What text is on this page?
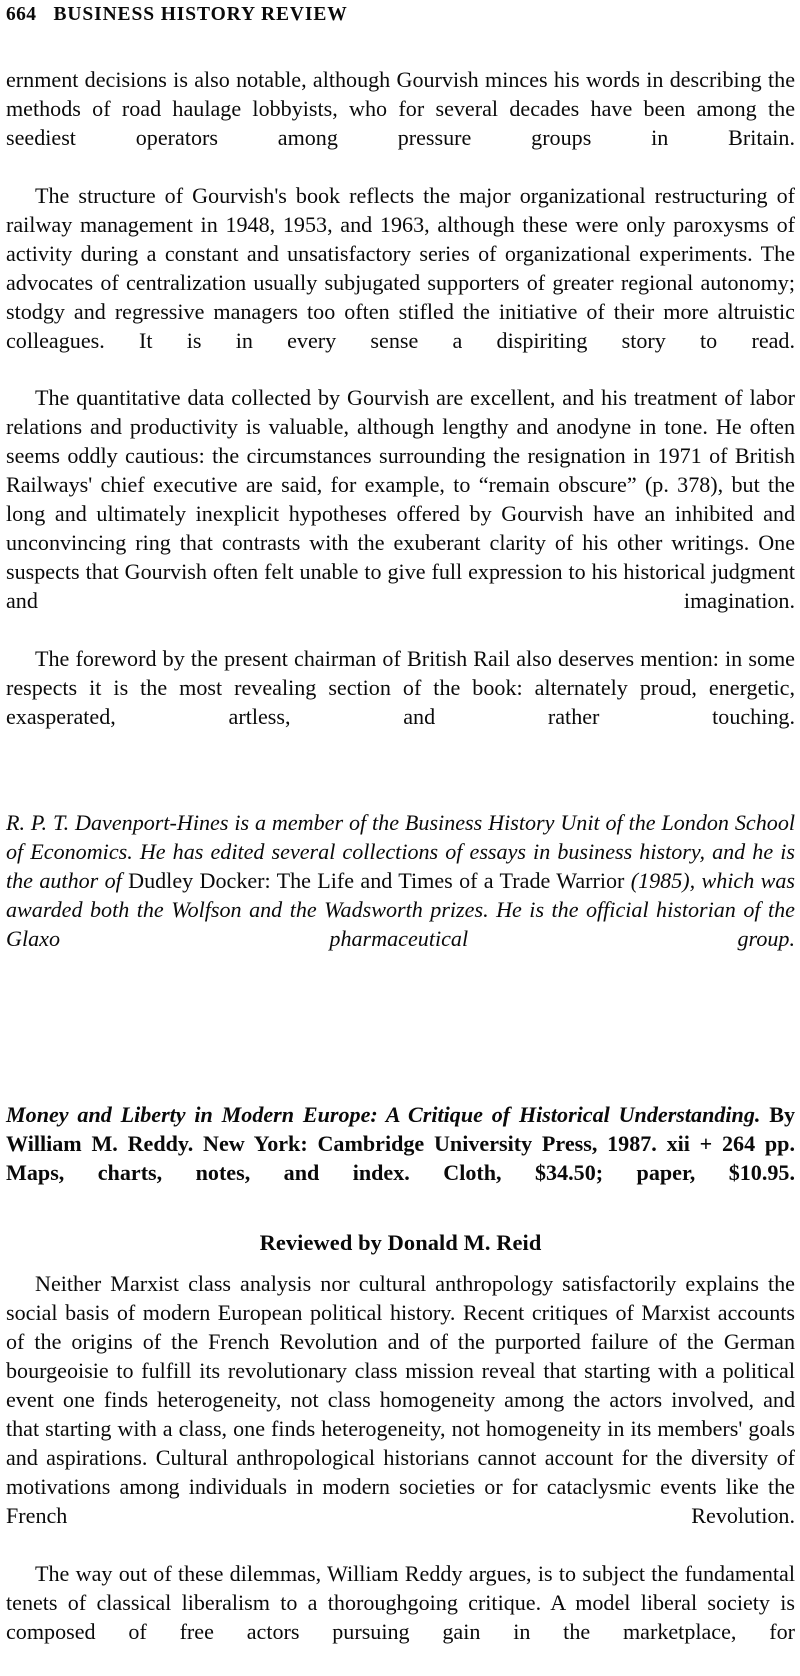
664 BUSINESS HISTORY REVIEW

ernment decisions is also notable, although Gourvish minces his words in describing the methods of road haulage lobbyists, who for several decades have been among the seediest operators among pressure groups in Britain.

The structure of Gourvish's book reflects the major organizational restructuring of railway management in 1948, 1953, and 1963, although these were only paroxysms of activity during a constant and unsatisfactory series of organizational experiments. The advocates of centralization usually subjugated supporters of greater regional autonomy; stodgy and regressive managers too often stifled the initiative of their more altruistic colleagues. It is in every sense a dispiriting story to read.

The quantitative data collected by Gourvish are excellent, and his treatment of labor relations and productivity is valuable, although lengthy and anodyne in tone. He often seems oddly cautious: the circumstances surrounding the resignation in 1971 of British Railways' chief executive are said, for example, to “remain obscure” (p. 378), but the long and ultimately inexplicit hypotheses offered by Gourvish have an inhibited and unconvincing ring that contrasts with the exuberant clarity of his other writings. One suspects that Gourvish often felt unable to give full expression to his historical judgment and imagination.

The foreword by the present chairman of British Rail also deserves mention: in some respects it is the most revealing section of the book: alternately proud, energetic, exasperated, artless, and rather touching.

R. P. T. Davenport-Hines is a member of the Business History Unit of the London School of Economics. He has edited several collections of essays in business history, and he is the author of Dudley Docker: The Life and Times of a Trade Warrior (1985), which was awarded both the Wolfson and the Wadsworth prizes. He is the official historian of the Glaxo pharmaceutical group.

Money and Liberty in Modern Europe: A Critique of Historical Understanding. By William M. Reddy. New York: Cambridge University Press, 1987. xii + 264 pp. Maps, charts, notes, and index. Cloth, $34.50; paper, $10.95.

Reviewed by Donald M. Reid

Neither Marxist class analysis nor cultural anthropology satisfactorily explains the social basis of modern European political history. Recent critiques of Marxist accounts of the origins of the French Revolution and of the purported failure of the German bourgeoisie to fulfill its revolutionary class mission reveal that starting with a political event one finds heterogeneity, not class homogeneity among the actors involved, and that starting with a class, one finds heterogeneity, not homogeneity in its members' goals and aspirations. Cultural anthropological historians cannot account for the diversity of motivations among individuals in modern societies or for cataclysmic events like the French Revolution.

The way out of these dilemmas, William Reddy argues, is to subject the fundamental tenets of classical liberalism to a thoroughgoing critique. A model liberal society is composed of free actors pursuing gain in the marketplace, for
